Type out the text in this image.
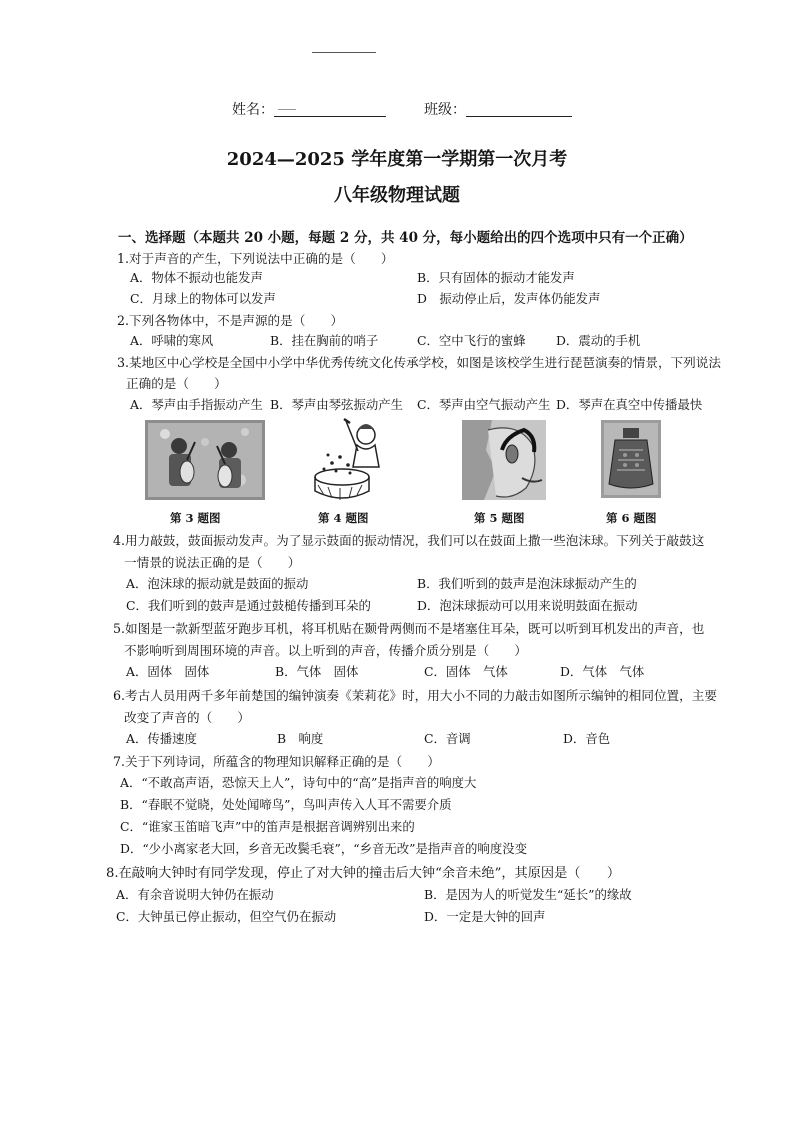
姓名： ___	班级：
2024—2025 学年度第一学期第一次月考
八年级物理试题
一、选择题（本题共 20 小题，每题 2 分，共 40 分，每小题给出的四个选项中只有一个正确）
1.对于声音的产生，下列说法中正确的是（　　）
A．物体不振动也能发声	B．只有固体的振动才能发声
C．月球上的物体可以发声	D　振动停止后，发声体仍能发声
2.下列各物体中，不是声源的是（　　）
A．呼啸的寒风	B．挂在胸前的哨子	C．空中飞行的蜜蜂 D．震动的手机
3.某地区中心学校是全国中小学中华优秀传统文化传承学校，如图是该校学生进行琵琶演奏的情景，下列说法
正确的是（　　）
A．琴声由手指振动产生 B．琴声由琴弦振动产生 C．琴声由空气振动产生 D．琴声在真空中传播最快
第 3 题图	第 4 题图	第 5 题图	第 6 题图
4.用力敲鼓，鼓面振动发声。为了显示鼓面的振动情况，我们可以在鼓面上撒一些泡沫球。下列关于敲鼓这
一情景的说法正确的是（　　）
A．泡沫球的振动就是鼓面的振动	B．我们听到的鼓声是泡沫球振动产生的
C．我们听到的鼓声是通过鼓槌传播到耳朵的	D．泡沫球振动可以用来说明鼓面在振动
5.如图是一款新型蓝牙跑步耳机，将耳机贴在颞骨两侧而不是堵塞住耳朵，既可以听到耳机发出的声音，也
不影响听到周围环境的声音。以上听到的声音，传播介质分别是（　　）
A．固体　固体	B．气体　固体	C．固体　气体	D．气体　气体
6.考古人员用两千多年前楚国的编钟演奏《茉莉花》时，用大小不同的力敲击如图所示编钟的相同位置，主要
改变了声音的（　　）
A．传播速度	B　响度	C．音调	D．音色
7.关于下列诗词，所蕴含的物理知识解释正确的是（　　）
A．“不敢高声语，恐惊天上人”，诗句中的“高”是指声音的响度大
B．“春眠不觉晓，处处闻啼鸟”，鸟叫声传入人耳不需要介质
C．“谁家玉笛暗飞声”中的笛声是根据音调辨别出来的
D．“少小离家老大回，乡音无改鬓毛衰”，“乡音无改”是指声音的响度没变
8.在敲响大钟时有同学发现，停止了对大钟的撞击后大钟“余音未绝”，其原因是（　　）
A．有余音说明大钟仍在振动	B．是因为人的听觉发生“延长”的缘故
C．大钟虽已停止振动，但空气仍在振动	D．一定是大钟的回声
